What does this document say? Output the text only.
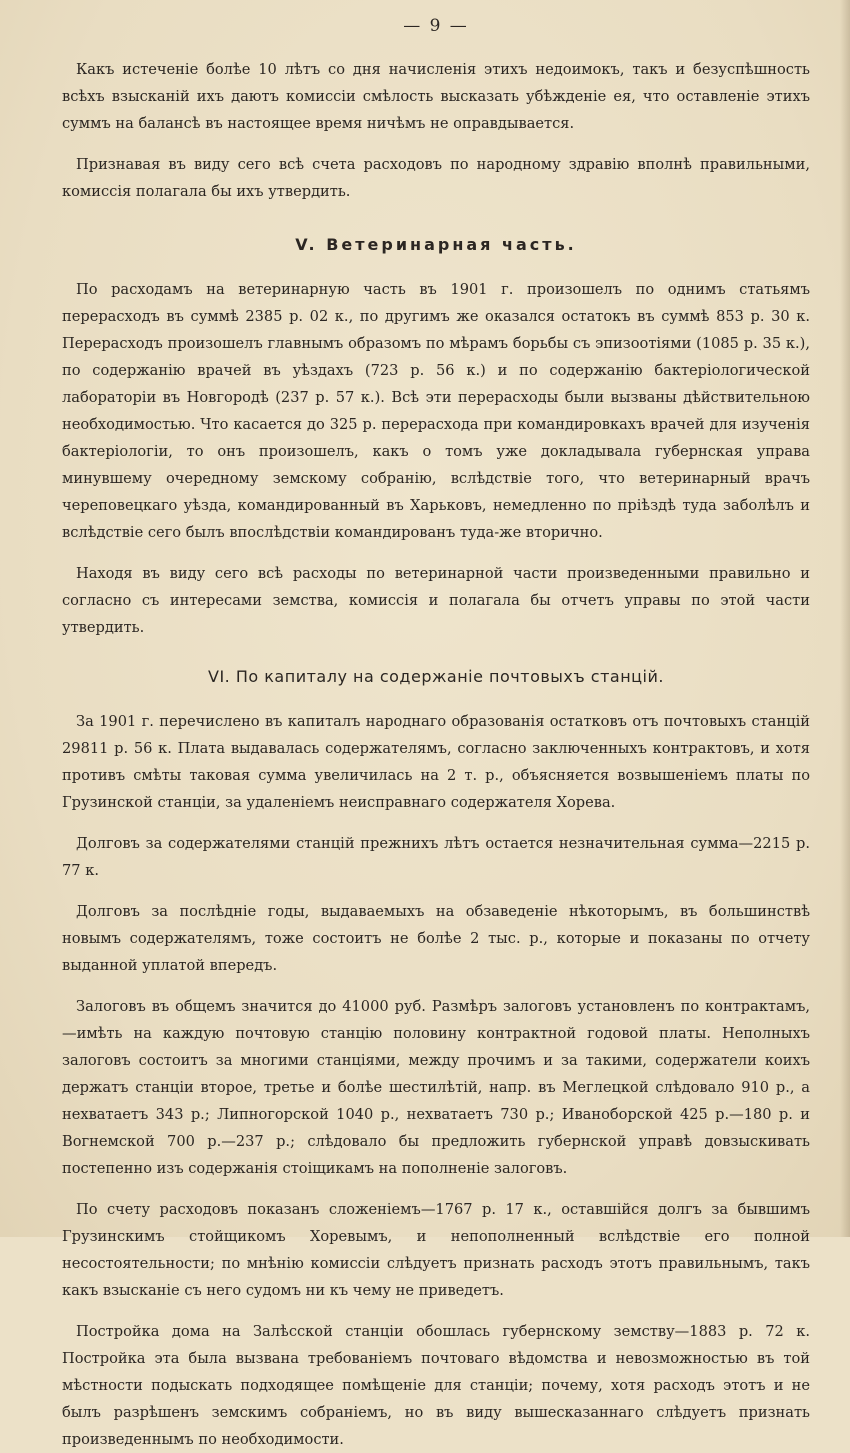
— 9 —

Какъ истеченіе болѣе 10 лѣтъ со дня начисленія этихъ недоимокъ, такъ и безуспѣшность всѣхъ взысканій ихъ даютъ комиссіи смѣлость высказать убѣжденіе ея, что оставленіе этихъ суммъ на балансѣ въ настоящее время ничѣмъ не оправдывается.

Признавая въ виду сего всѣ счета расходовъ по народному здравію вполнѣ правильными, комиссія полагала бы ихъ утвердить.

V. Ветеринарная часть.

По расходамъ на ветеринарную часть въ 1901 г. произошелъ по однимъ статьямъ перерасходъ въ суммѣ 2385 р. 02 к., по другимъ же оказался остатокъ въ суммѣ 853 р. 30 к. Перерасходъ произошелъ главнымъ образомъ по мѣрамъ борьбы съ эпизоотіями (1085 р. 35 к.), по содержанію врачей въ уѣздахъ (723 р. 56 к.) и по содержанію бактеріологической лабораторіи въ Новгородѣ (237 р. 57 к.). Всѣ эти перерасходы были вызваны дѣйствительною необходимостью. Что касается до 325 р. перерасхода при командировкахъ врачей для изученія бактеріологіи, то онъ произошелъ, какъ о томъ уже докладывала губернская управа минувшему очередному земскому собранію, вслѣдствіе того, что ветеринарный врачъ череповецкаго уѣзда, командированный въ Харьковъ, немедленно по пріѣздѣ туда заболѣлъ и вслѣдствіе сего былъ впослѣдствіи командированъ туда-же вторично.

Находя въ виду сего всѣ расходы по ветеринарной части произведенными правильно и согласно съ интересами земства, комиссія и полагала бы отчетъ управы по этой части утвердить.

VI. По капиталу на содержаніе почтовыхъ станцій.

За 1901 г. перечислено въ капиталъ народнаго образованія остатковъ отъ почтовыхъ станцій 29811 р. 56 к. Плата выдавалась содержателямъ, согласно заключенныхъ контрактовъ, и хотя противъ смѣты таковая сумма увеличилась на 2 т. р., объясняется возвышеніемъ платы по Грузинской станціи, за удаленіемъ неисправнаго содержателя Хорева.

Долговъ за содержателями станцій прежнихъ лѣтъ остается незначительная сумма—2215 р. 77 к.

Долговъ за послѣдніе годы, выдаваемыхъ на обзаведеніе нѣкоторымъ, въ большинствѣ новымъ содержателямъ, тоже состоитъ не болѣе 2 тыс. р., которые и показаны по отчету выданной уплатой впередъ.

Залоговъ въ общемъ значится до 41000 руб. Размѣръ залоговъ установленъ по контрактамъ,—имѣть на каждую почтовую станцію половину контрактной годовой платы. Неполныхъ залоговъ состоитъ за многими станціями, между прочимъ и за такими, содержатели коихъ держатъ станціи второе, третье и болѣе шестилѣтій, напр. въ Меглецкой слѣдовало 910 р., а нехватаетъ 343 р.; Липногорской 1040 р., нехватаетъ 730 р.; Иваноборской 425 р.—180 р. и Вогнемской 700 р.—237 р.; слѣдовало бы предложить губернской управѣ довзыскивать постепенно изъ содержанія стоіщикамъ на пополненіе залоговъ.

По счету расходовъ показанъ сложеніемъ—1767 р. 17 к., оставшійся долгъ за бывшимъ Грузинскимъ стойщикомъ Хоревымъ, и непополненный вслѣдствіе его полной несостоятельности; по мнѣнію комиссіи слѣдуетъ признать расходъ этотъ правильнымъ, такъ какъ взысканіе съ него судомъ ни къ чему не приведетъ.

Постройка дома на Залѣсской станціи обошлась губернскому земству—1883 р. 72 к. Постройка эта была вызвана требованіемъ почтоваго вѣдомства и невозможностью въ той мѣстности подыскать подходящее помѣщеніе для станціи; почему, хотя расходъ этотъ и не былъ разрѣшенъ земскимъ собраніемъ, но въ виду вышесказаннаго слѣдуетъ признать произведеннымъ по необходимости.
